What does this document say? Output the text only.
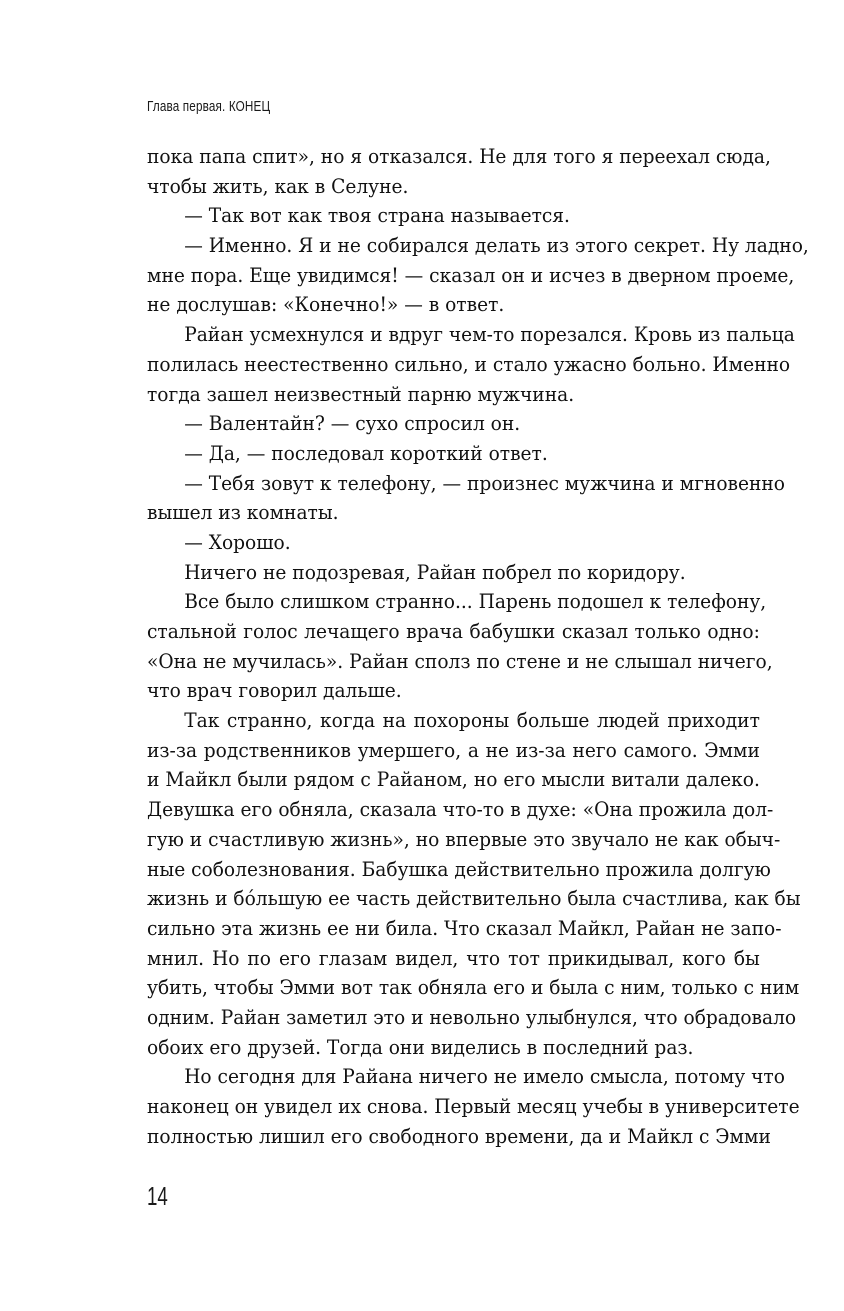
Глава первая. КОНЕЦ
пока папа спит», но я отказался. Не для того я переехал сюда,
чтобы жить, как в Селуне.
— Так вот как твоя страна называется.
— Именно. Я и не собирался делать из этого секрет. Ну ладно,
мне пора. Еще увидимся! — сказал он и исчез в дверном проеме,
не дослушав: «Конечно!» — в ответ.
Райан усмехнулся и вдруг чем-то порезался. Кровь из пальца
полилась неестественно сильно, и стало ужасно больно. Именно
тогда зашел неизвестный парню мужчина.
— Валентайн? — сухо спросил он.
— Да, — последовал короткий ответ.
— Тебя зовут к телефону, — произнес мужчина и мгновенно
вышел из комнаты.
— Хорошо.
Ничего не подозревая, Райан побрел по коридору.
Все было слишком странно... Парень подошел к телефону,
стальной голос лечащего врача бабушки сказал только одно:
«Она не мучилась». Райан сполз по стене и не слышал ничего,
что врач говорил дальше.
Так странно, когда на похороны больше людей приходит
из-за родственников умершего, а не из-за него самого. Эмми
и Майкл были рядом с Райаном, но его мысли витали далеко.
Девушка его обняла, сказала что-то в духе: «Она прожила дол-
гую и счастливую жизнь», но впервые это звучало не как обыч-
ные соболезнования. Бабушка действительно прожила долгую
жизнь и бóльшую ее часть действительно была счастлива, как бы
сильно эта жизнь ее ни била. Что сказал Майкл, Райан не запо-
мнил. Но по его глазам видел, что тот прикидывал, кого бы
убить, чтобы Эмми вот так обняла его и была с ним, только с ним
одним. Райан заметил это и невольно улыбнулся, что обрадовало
обоих его друзей. Тогда они виделись в последний раз.
Но сегодня для Райана ничего не имело смысла, потому что
наконец он увидел их снова. Первый месяц учебы в университете
полностью лишил его свободного времени, да и Майкл с Эмми
14
